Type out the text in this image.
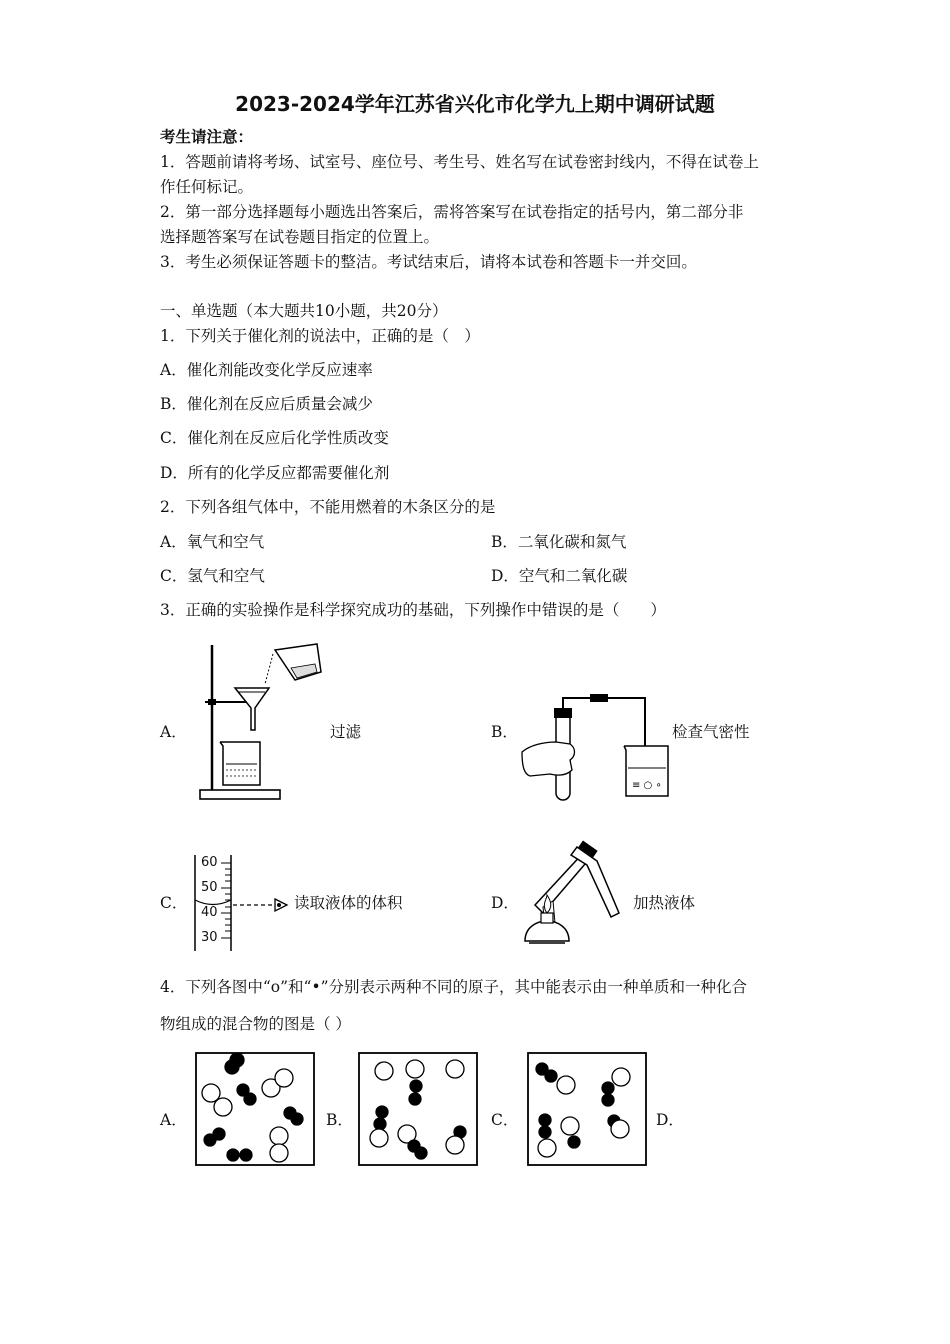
2023-2024学年江苏省兴化市化学九上期中调研试题
考生请注意：
1．答题前请将考场、试室号、座位号、考生号、姓名写在试卷密封线内，不得在试卷上
作任何标记。
2．第一部分选择题每小题选出答案后，需将答案写在试卷指定的括号内，第二部分非
选择题答案写在试卷题目指定的位置上。
3．考生必须保证答题卡的整洁。考试结束后，请将本试卷和答题卡一并交回。
一、单选题（本大题共10小题，共20分）
1．下列关于催化剂的说法中，正确的是（　）
A．催化剂能改变化学反应速率
B．催化剂在反应后质量会减少
C．催化剂在反应后化学性质改变
D．所有的化学反应都需要催化剂
2．下列各组气体中，不能用燃着的木条区分的是
A．氧气和空气	B．二氧化碳和氮气
C．氢气和空气	D．空气和二氧化碳
3．正确的实验操作是科学探究成功的基础，下列操作中错误的是（　　）
A．	过滤	B．
≡ ○ ∘
检查气密性
C．
60
50
40
30
读取液体的体积	D．	加热液体
4．下列各图中“o”和“•”分别表示两种不同的原子，其中能表示由一种单质和一种化合
物组成的混合物的图是（ ）
A．	B．	C．	D．
